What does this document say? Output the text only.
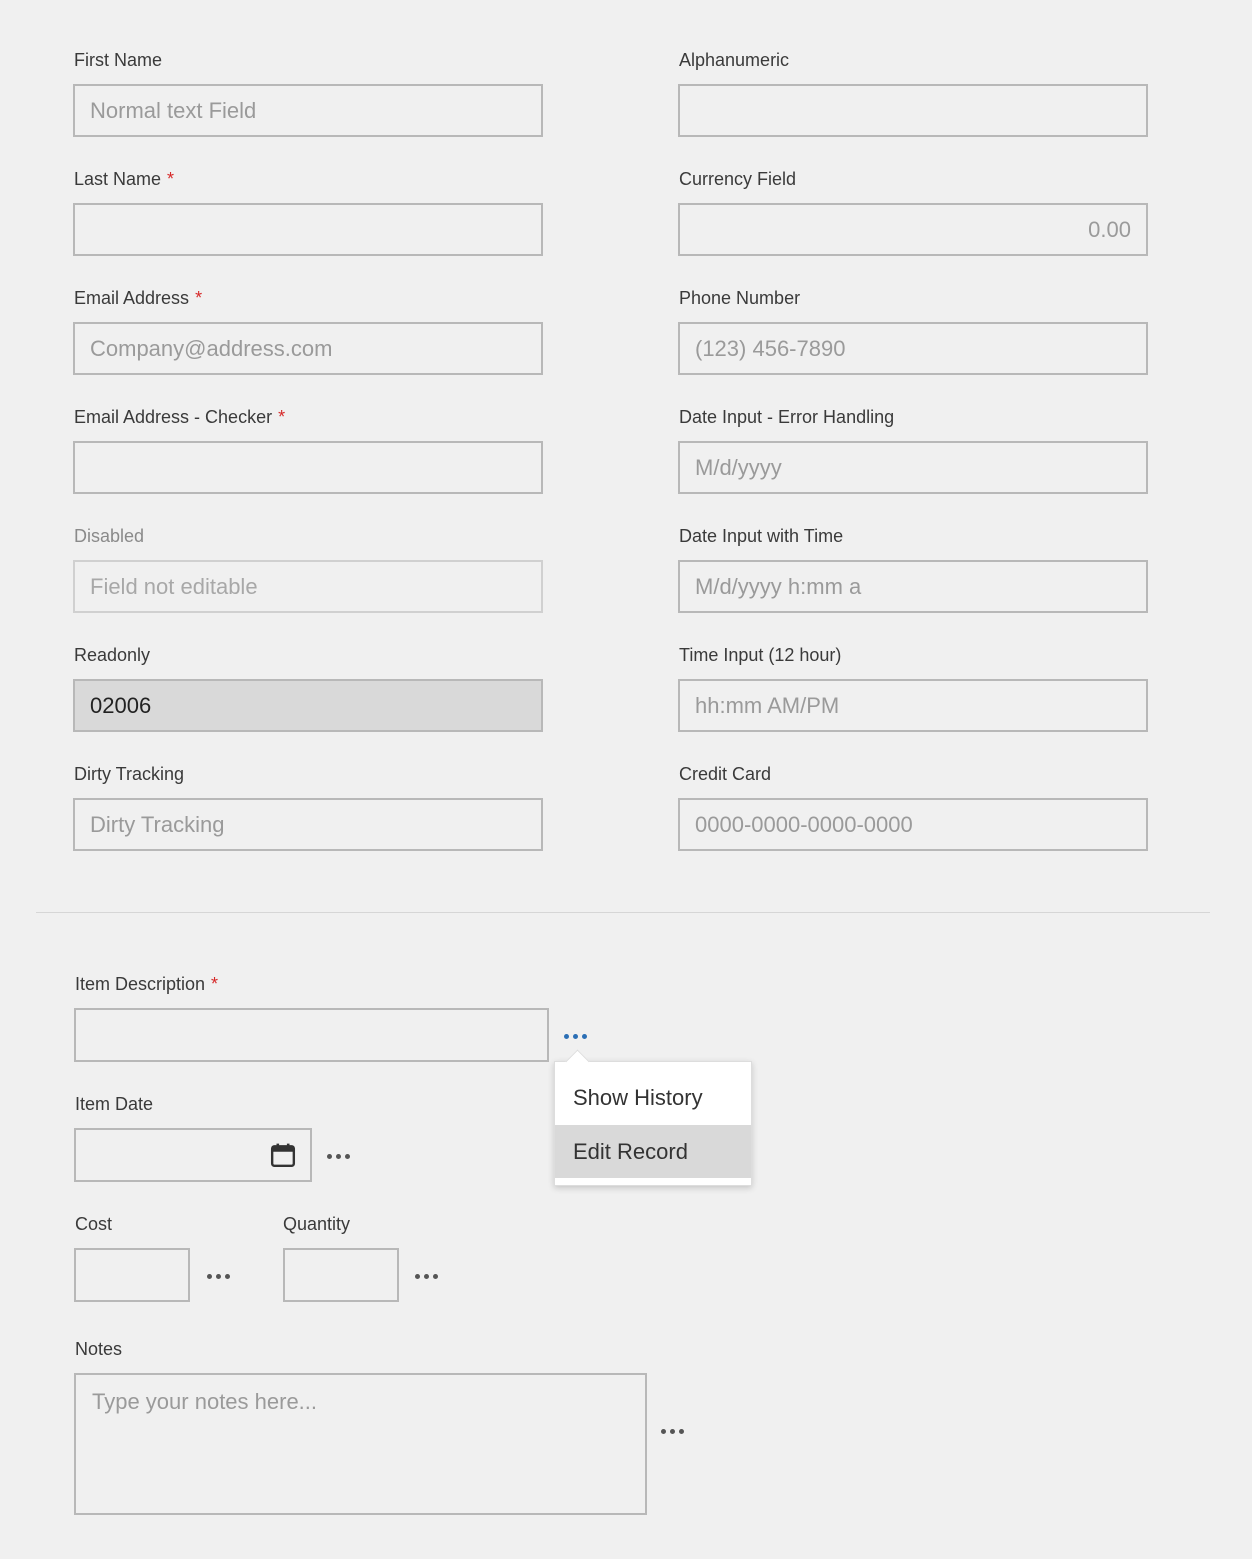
First Name
Normal text Field
Last Name *
Email Address *
Company@address.com
Email Address - Checker *
Disabled
Field not editable
Readonly
02006
Dirty Tracking
Dirty Tracking
Alphanumeric
Currency Field
0.00
Phone Number
(123) 456-7890
Date Input - Error Handling
M/d/yyyy
Date Input with Time
M/d/yyyy h:mm a
Time Input (12 hour)
hh:mm AM/PM
Credit Card
0000-0000-0000-0000
Item Description *
Item Date
Cost	Quantity
Notes
Type your notes here...
Show History
Edit Record
